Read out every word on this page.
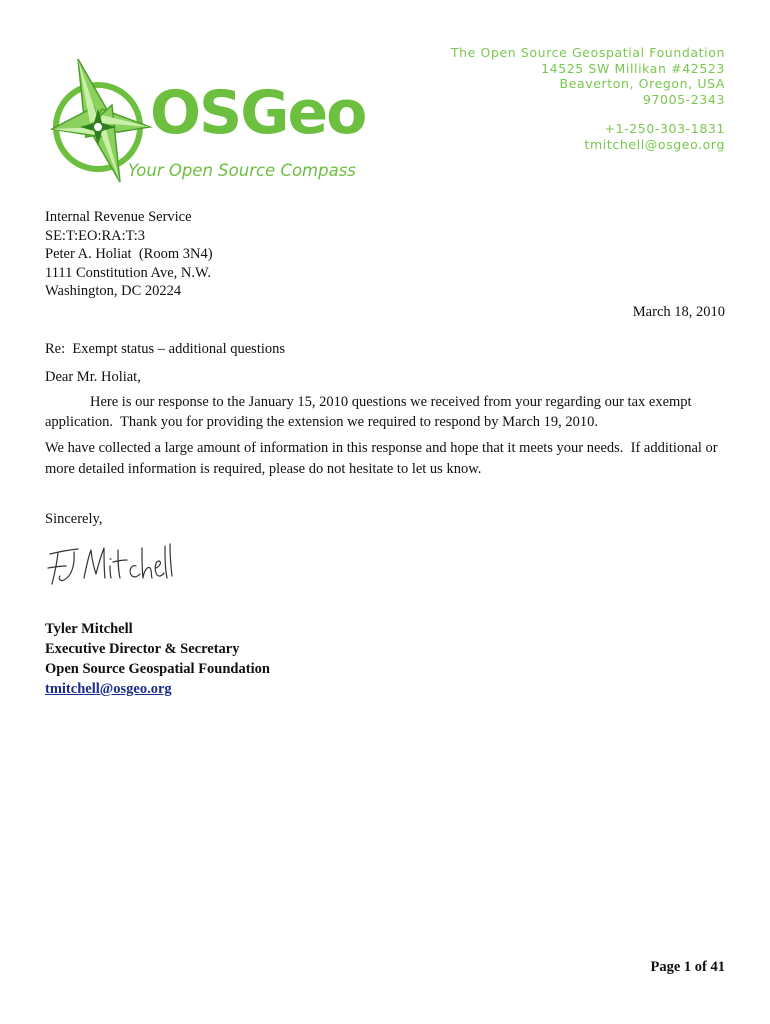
OSGeo
Your Open Source Compass
The Open Source Geospatial Foundation
14525 SW Millikan #42523
Beaverton, Oregon, USA
97005-2343
+1-250-303-1831
tmitchell@osgeo.org
Internal Revenue Service
SE:T:EO:RA:T:3
Peter A. Holiat  (Room 3N4)
1111 Constitution Ave, N.W.
Washington, DC 20224
March 18, 2010
Re:  Exempt status – additional questions
Dear Mr. Holiat,
Here is our response to the January 15, 2010 questions we received from your regarding our tax exempt application.  Thank you for providing the extension we required to respond by March 19, 2010.
We have collected a large amount of information in this response and hope that it meets your needs.  If additional or more detailed information is required, please do not hesitate to let us know.
Sincerely,
Tyler Mitchell
Executive Director & Secretary
Open Source Geospatial Foundation
tmitchell@osgeo.org
Page 1 of 41
